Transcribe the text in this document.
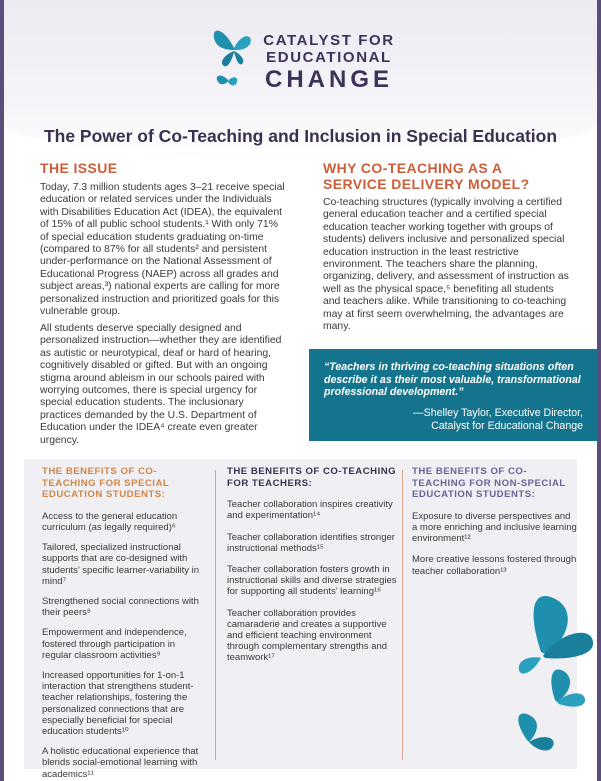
CATALYST FOR
EDUCATIONAL
CHANGE
The Power of Co-Teaching and Inclusion in Special Education
THE ISSUE

Today, 7.3 million students ages 3–21 receive special education or related services under the Individuals with Disabilities Education Act (IDEA), the equivalent of 15% of all public school students.¹ With only 71% of special education students graduating on-time (compared to 87% for all students² and persistent under-performance on the National Assessment of Educational Progress (NAEP) across all grades and subject areas,³) national experts are calling for more personalized instruction and prioritized goals for this vulnerable group.

All students deserve specially designed and personalized instruction—whether they are identified as autistic or neurotypical, deaf or hard of hearing, cognitively disabled or gifted. But with an ongoing stigma around ableism in our schools paired with worrying outcomes, there is special urgency for special education students. The inclusionary practices demanded by the U.S. Department of Education under the IDEA⁴ create even greater urgency.

WHY CO-TEACHING AS A SERVICE DELIVERY MODEL?

Co-teaching structures (typically involving a certified general education teacher and a certified special education teacher working together with groups of students) delivers inclusive and personalized special education instruction in the least restrictive environment. The teachers share the planning, organizing, delivery, and assessment of instruction as well as the physical space,⁵ benefiting all students and teachers alike. While transitioning to co-teaching may at first seem overwhelming, the advantages are many.

“Teachers in thriving co-teaching situations often describe it as their most valuable, transformational professional development.”
—Shelley Taylor, Executive Director,
Catalyst for Educational Change
THE BENEFITS OF CO-TEACHING FOR SPECIAL EDUCATION STUDENTS:
Access to the general education curriculum (as legally required)⁶
Tailored, specialized instructional supports that are co-designed with students’ specific learner-variability in mind⁷
Strengthened social connections with their peers⁸
Empowerment and independence, fostered through participation in regular classroom activities⁹
Increased opportunities for 1-on-1 interaction that strengthens student-teacher relationships, fostering the personalized connections that are especially beneficial for special education students¹⁰
A holistic educational experience that blends social-emotional learning with academics¹¹
THE BENEFITS OF CO-TEACHING FOR TEACHERS:
Teacher collaboration inspires creativity and experimentation¹⁴
Teacher collaboration identifies stronger instructional methods¹⁵
Teacher collaboration fosters growth in instructional skills and diverse strategies for supporting all students’ learning¹⁶
Teacher collaboration provides camaraderie and creates a supportive and efficient teaching environment through complementary strengths and teamwork¹⁷
THE BENEFITS OF CO-TEACHING FOR NON-SPECIAL EDUCATION STUDENTS:
Exposure to diverse perspectives and a more enriching and inclusive learning environment¹²
More creative lessons fostered through teacher collaboration¹³
